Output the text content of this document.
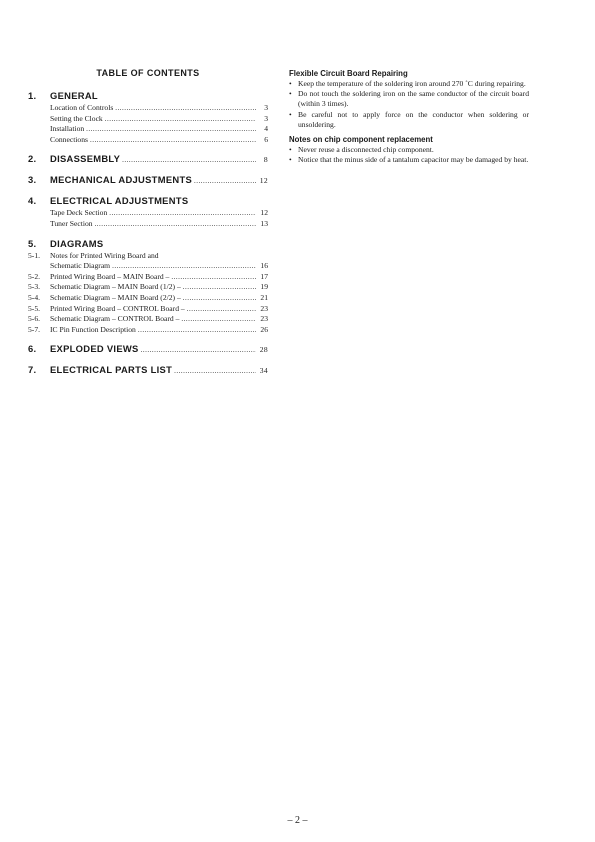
TABLE OF CONTENTS
1.	GENERAL
Location of Controls .....	3
Setting the Clock .....	3
Installation .....	4
Connections .....	6
2.	DISASSEMBLY .....	8
3.	MECHANICAL ADJUSTMENTS .....	12
4.	ELECTRICAL ADJUSTMENTS
Tape Deck Section .....	12
Tuner Section .....	13
5.	DIAGRAMS
5-1.	Notes for Printed Wiring Board and
Schematic Diagram .....	16
5-2.	Printed Wiring Board – MAIN Board – .....	17
5-3.	Schematic Diagram – MAIN Board (1/2) – .....	19
5-4.	Schematic Diagram – MAIN Board (2/2) – .....	21
5-5.	Printed Wiring Board – CONTROL Board – .....	23
5-6.	Schematic Diagram – CONTROL Board – .....	23
5-7.	IC Pin Function Description .....	26
6.	EXPLODED VIEWS .....	28
7.	ELECTRICAL PARTS LIST .....	34
Flexible Circuit Board Repairing
• Keep the temperature of the soldering iron around 270 ˚C during repairing.
• Do not touch the soldering iron on the same conductor of the circuit board (within 3 times).
• Be careful not to apply force on the conductor when soldering or unsoldering.
Notes on chip component replacement
• Never reuse a disconnected chip component.
• Notice that the minus side of a tantalum capacitor may be damaged by heat.
– 2 –
